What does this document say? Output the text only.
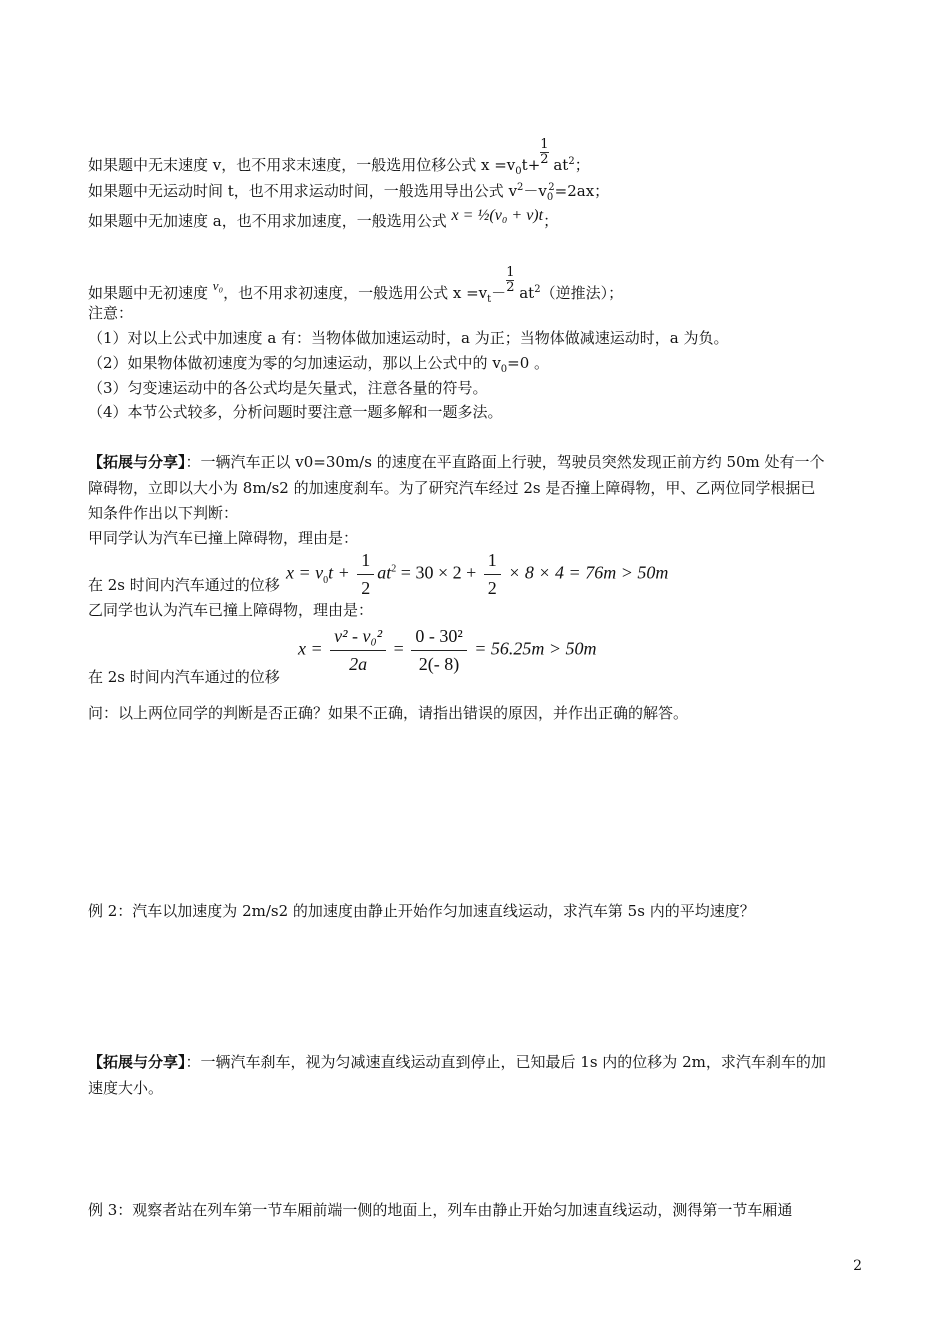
如果题中无末速度 v，也不用求末速度，一般选用位移公式 $x =v_0t+ \frac{1}{2} at^2$；
如果题中无运动时间 t，也不用求运动时间，一般选用导出公式 $v^2-v_0^2=2ax$；
如果题中无加速度 a，也不用求加速度，一般选用公式 x = ½(v₀ + v)t；
如果题中无初速度 v₀，也不用求初速度，一般选用公式 $x =v_t- \frac{1}{2} at^2$（逆推法）；
注意：
（1）对以上公式中加速度 a 有：当物体做加速运动时，a 为正；当物体做减速运动时，a 为负。
（2）如果物体做初速度为零的匀加速运动，那以上公式中的 $v_0=0$ 。
（3）匀变速运动中的各公式均是矢量式，注意各量的符号。
（4）本节公式较多，分析问题时要注意一题多解和一题多法。
【拓展与分享】：一辆汽车正以 v0=30m/s 的速度在平直路面上行驶，驾驶员突然发现正前方约 50m 处有一个
障碍物，立即以大小为 8m/s2 的加速度刹车。为了研究汽车经过 2s 是否撞上障碍物，甲、乙两位同学根据已
知条件作出以下判断：
甲同学认为汽车已撞上障碍物，理由是：
$x = v_0t + \frac{1}{2} at^2 = 30 \times 2 + \frac{1}{2} \times 8 \times 4 = 76m > 50m$
在 2s 时间内汽车通过的位移
乙同学也认为汽车已撞上障碍物，理由是：
$x = \frac{\text{v² - v₀²}}{2a} = \frac{\text{0 - 30²}}{2(- 8)} = 56.25m > 50m$
在 2s 时间内汽车通过的位移
问：以上两位同学的判断是否正确？如果不正确，请指出错误的原因，并作出正确的解答。
例 2：汽车以加速度为 2m/s2 的加速度由静止开始作匀加速直线运动，求汽车第 5s 内的平均速度？
【拓展与分享】：一辆汽车刹车，视为匀减速直线运动直到停止，已知最后 1s 内的位移为 2m，求汽车刹车的加
速度大小。
例 3：观察者站在列车第一节车厢前端一侧的地面上，列车由静止开始匀加速直线运动，测得第一节车厢通
2
